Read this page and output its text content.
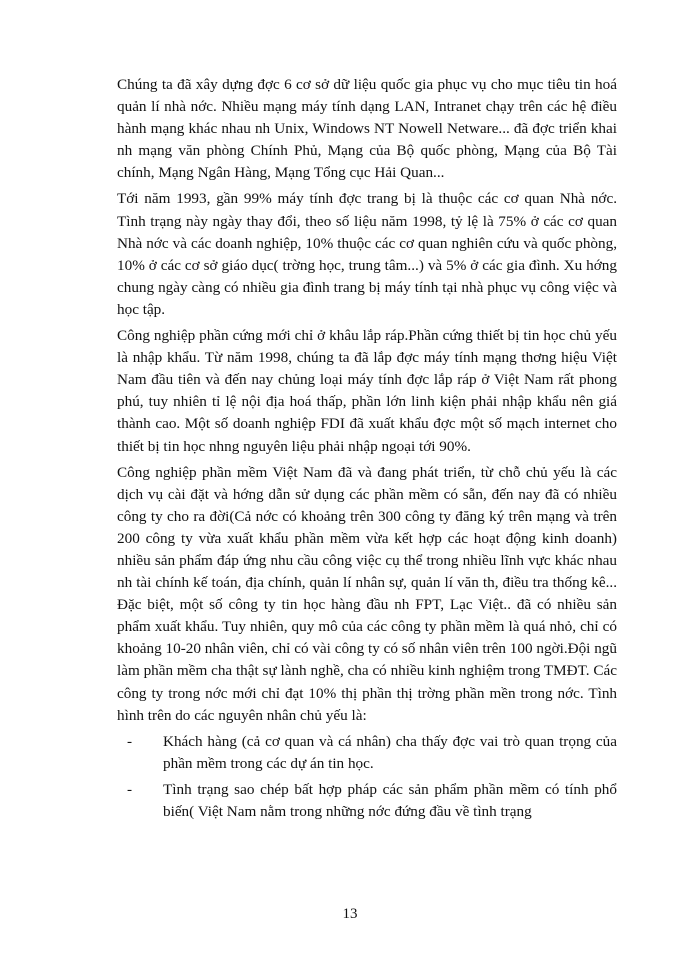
Chúng ta đã xây dựng đợc 6 cơ sở dữ liệu quốc gia phục vụ cho mục tiêu tin hoá quản lí nhà nớc. Nhiều mạng máy tính dạng LAN, Intranet chạy trên các hệ điều hành mạng khác nhau nh Unix, Windows NT Nowell Netware... đã đợc triển khai nh mạng văn phòng Chính Phủ, Mạng của Bộ quốc phòng, Mạng của Bộ Tài chính, Mạng Ngân Hàng, Mạng Tổng cục Hải Quan...

Tới năm 1993, gần 99% máy tính đợc trang bị là thuộc các cơ quan Nhà nớc. Tình trạng này ngày thay đổi, theo số liệu năm 1998, tỷ lệ là 75% ở các cơ quan Nhà nớc và các doanh nghiệp, 10% thuộc các cơ quan nghiên cứu và quốc phòng, 10% ở các cơ sở giáo dục( trờng học, trung tâm...) và 5% ở các gia đình. Xu hớng chung ngày càng có nhiều gia đình trang bị máy tính tại nhà phục vụ công việc và học tập.

Công nghiệp phần cứng mới chỉ ở khâu lắp ráp.Phần cứng thiết bị tin học chủ yếu là nhập khẩu. Từ năm 1998, chúng ta đã lắp đợc máy tính mạng thơng hiệu Việt Nam đầu tiên và đến nay chủng loại máy tính đợc lắp ráp ở Việt Nam rất phong phú, tuy nhiên tỉ lệ nội địa hoá thấp, phần lớn linh kiện phải nhập khẩu nên giá thành cao. Một số doanh nghiệp FDI đã xuất khẩu đợc một số mạch internet cho thiết bị tin học nhng nguyên liệu phải nhập ngoại tới 90%.

Công nghiệp phần mềm Việt Nam đã và đang phát triển, từ chỗ chủ yếu là các dịch vụ cài đặt và hớng dẫn sử dụng các phần mềm có sẵn, đến nay đã có nhiều công ty cho ra đời(Cả nớc có khoảng trên 300 công ty đăng ký trên mạng và trên 200 công ty vừa xuất khẩu phần mềm vừa kết hợp các hoạt động kinh doanh) nhiều sản phẩm đáp ứng nhu cầu công việc cụ thể trong nhiều lĩnh vực khác nhau nh tài chính kế toán, địa chính, quản lí nhân sự, quản lí văn th, điều tra thống kê... Đặc biệt, một số công ty tin học hàng đầu nh FPT, Lạc Việt.. đã có nhiều sản phẩm xuất khẩu. Tuy nhiên, quy mô của các công ty phần mềm là quá nhỏ, chỉ có khoảng 10-20 nhân viên, chỉ có vài công ty có số nhân viên trên 100 ngời.Đội ngũ làm phần mềm cha thật sự lành nghề, cha có nhiều kinh nghiệm trong TMĐT. Các công ty trong nớc mới chỉ đạt 10% thị phần thị trờng phần mền trong nớc. Tình hình trên do các nguyên nhân chủ yếu là:

- Khách hàng (cả cơ quan và cá nhân) cha thấy đợc vai trò quan trọng của phần mềm trong các dự án tin học.
- Tình trạng sao chép bất hợp pháp các sản phẩm phần mềm có tính phổ biến( Việt Nam nằm trong những nớc đứng đầu về tình trạng
13
